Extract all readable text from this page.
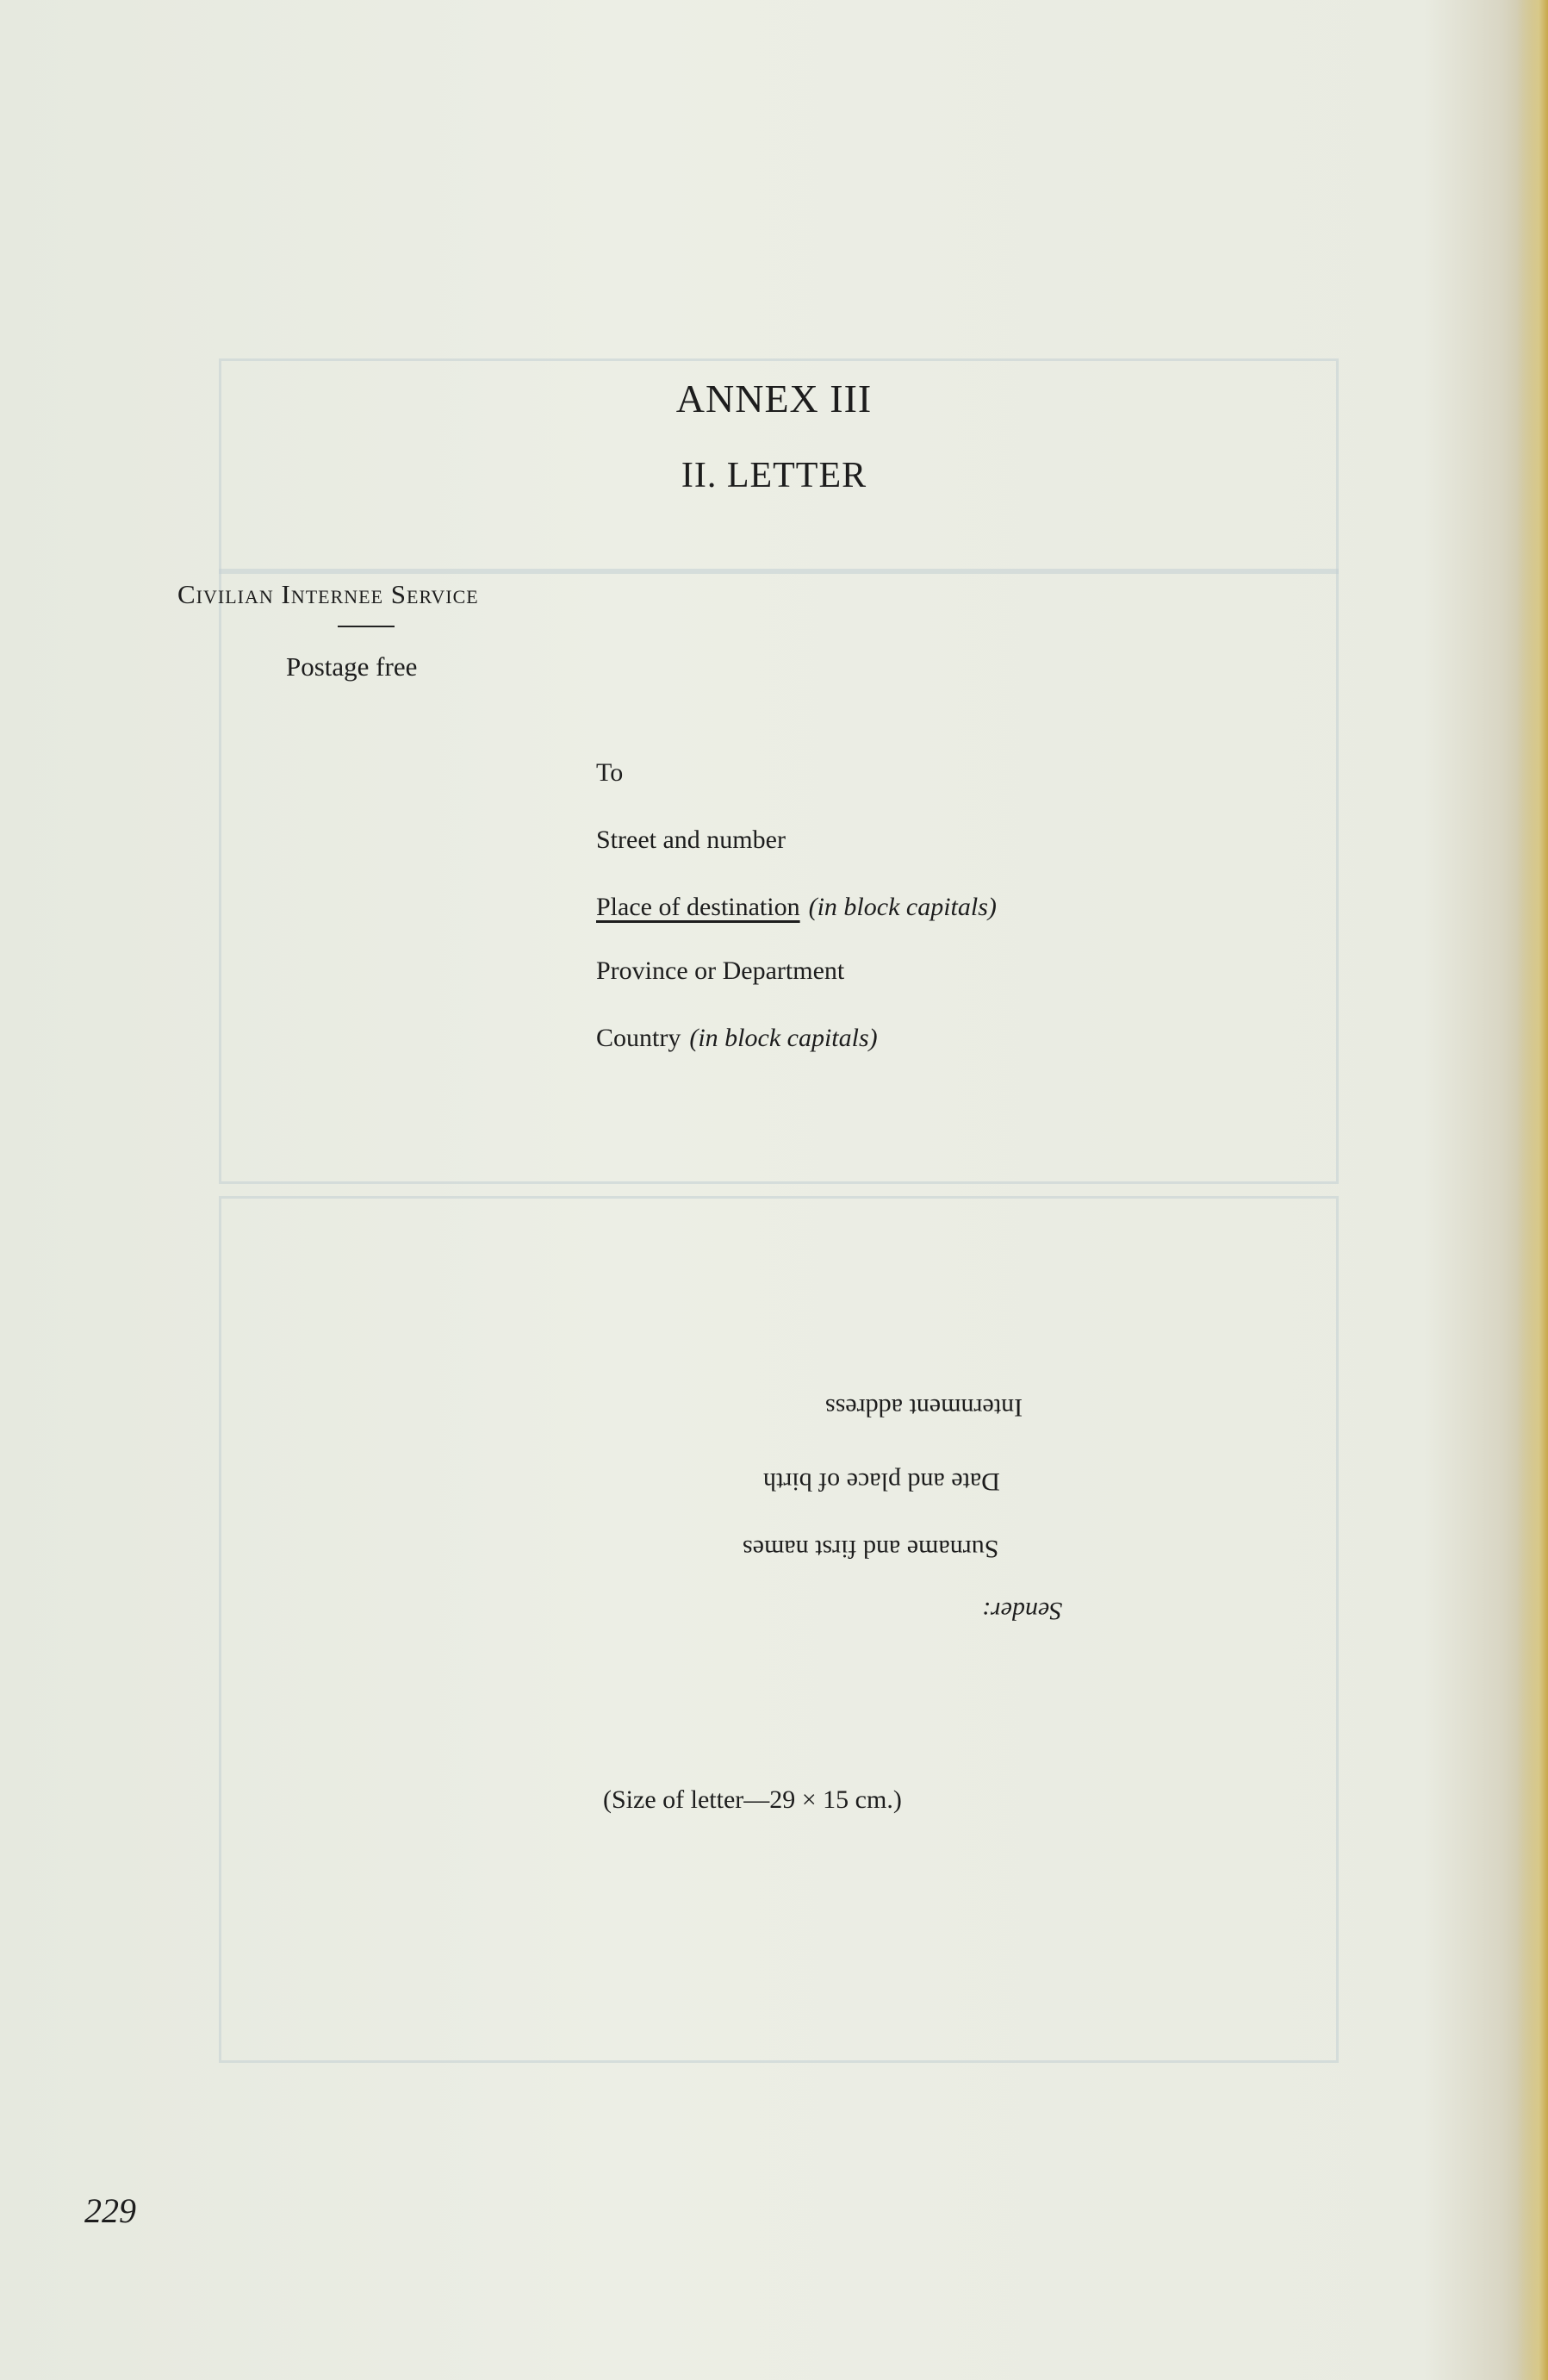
ANNEX III
II. LETTER
Civilian Internee Service
Postage free
To
Street and number
Place of destination (in block capitals)
Province or Department
Country (in block capitals)
Internment address
Date and place of birth
Surname and first names
Sender:
(Size of letter—29 × 15 cm.)
229
